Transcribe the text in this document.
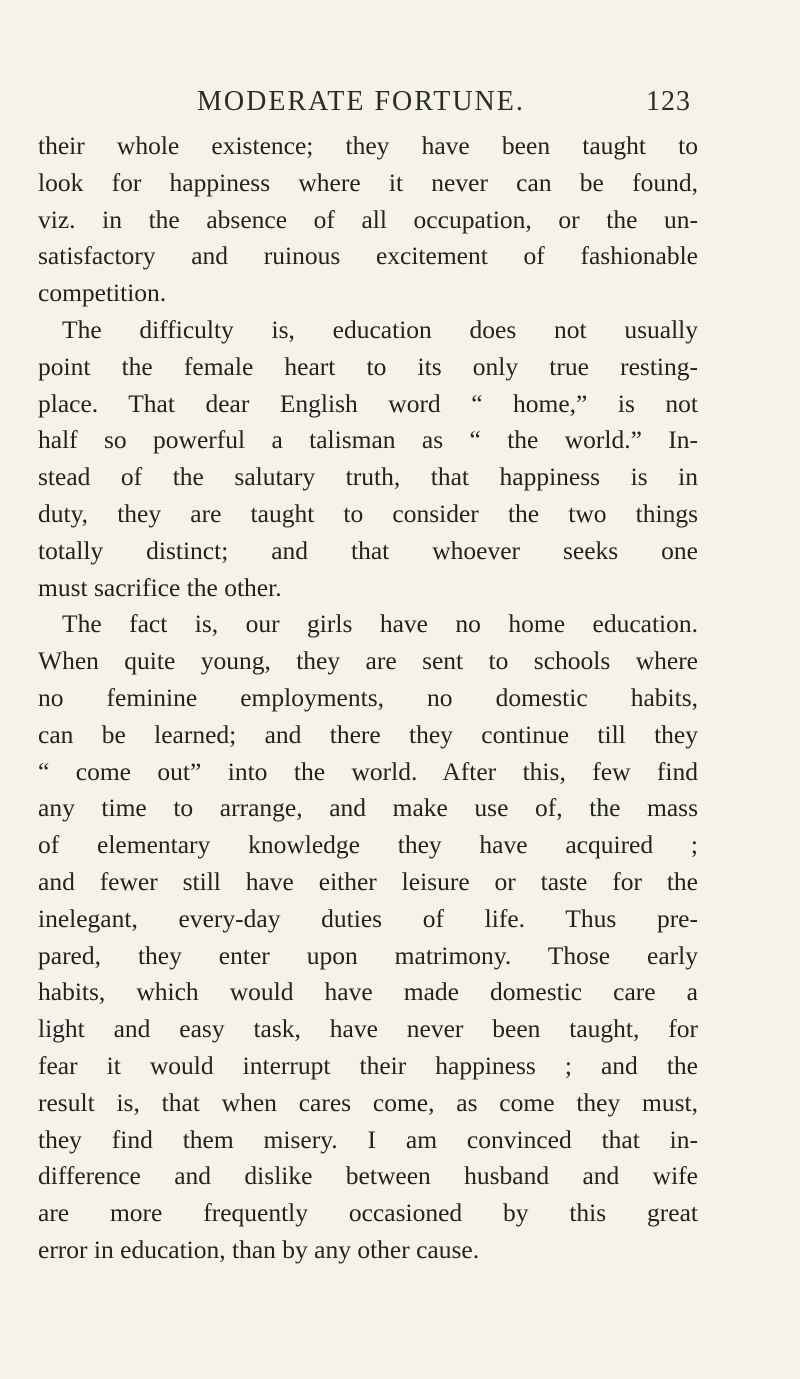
MODERATE FORTUNE.	123
their whole existence; they have been taught to
look for happiness where it never can be found,
viz. in the absence of all occupation, or the un-
satisfactory and ruinous excitement of fashionable
competition.
The difficulty is, education does not usually
point the female heart to its only true resting-
place. That dear English word “ home,” is not
half so powerful a talisman as “ the world.” In-
stead of the salutary truth, that happiness is in
duty, they are taught to consider the two things
totally distinct; and that whoever seeks one
must sacrifice the other.
The fact is, our girls have no home education.
When quite young, they are sent to schools where
no feminine employments, no domestic habits,
can be learned; and there they continue till they
“ come out” into the world. After this, few find
any time to arrange, and make use of, the mass
of elementary knowledge they have acquired ;
and fewer still have either leisure or taste for the
inelegant, every-day duties of life. Thus pre-
pared, they enter upon matrimony. Those early
habits, which would have made domestic care a
light and easy task, have never been taught, for
fear it would interrupt their happiness ; and the
result is, that when cares come, as come they must,
they find them misery. I am convinced that in-
difference and dislike between husband and wife
are more frequently occasioned by this great
error in education, than by any other cause.
